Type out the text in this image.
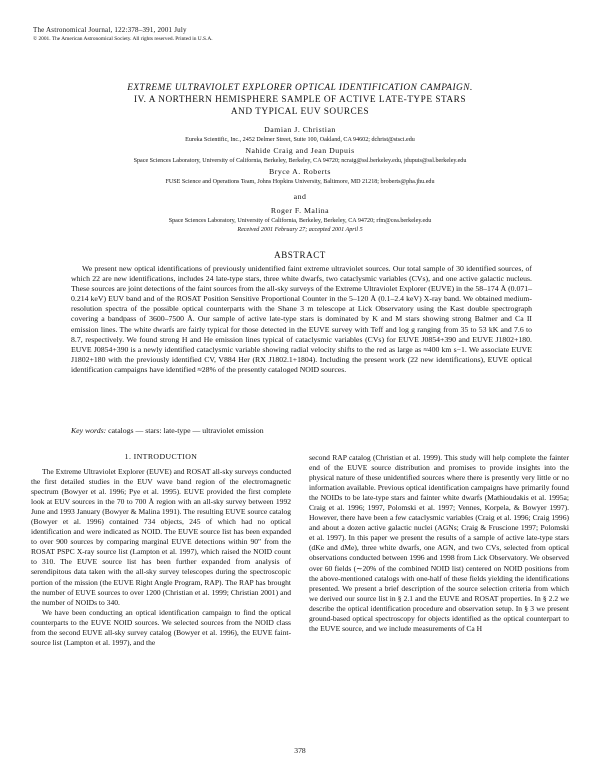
The Astronomical Journal, 122:378–391, 2001 July
© 2001. The American Astronomical Society. All rights reserved. Printed in U.S.A.
EXTREME ULTRAVIOLET EXPLORER OPTICAL IDENTIFICATION CAMPAIGN.
IV. A NORTHERN HEMISPHERE SAMPLE OF ACTIVE LATE-TYPE STARS
AND TYPICAL EUV SOURCES
Damian J. Christian
Eureka Scientific, Inc., 2452 Delmer Street, Suite 100, Oakland, CA 94602; dchrist@stsci.edu
Nahide Craig and Jean Dupuis
Space Sciences Laboratory, University of California, Berkeley, Berkeley, CA 94720; ncraig@ssl.berkeley.edu, jdupuis@ssl.berkeley.edu
Bryce A. Roberts
FUSE Science and Operations Team, Johns Hopkins University, Baltimore, MD 21218; broberts@pha.jhu.edu
and
Roger F. Malina
Space Sciences Laboratory, University of California, Berkeley, Berkeley, CA 94720; rfm@cea.berkeley.edu
Received 2001 February 27; accepted 2001 April 5
ABSTRACT
We present new optical identifications of previously unidentified faint extreme ultraviolet sources. Our total sample of 30 identified sources, of which 22 are new identifications, includes 24 late-type stars, three white dwarfs, two cataclysmic variables (CVs), and one active galactic nucleus. These sources are joint detections of the faint sources from the all-sky surveys of the Extreme Ultraviolet Explorer (EUVE) in the 58–174 Å (0.071–0.214 keV) EUV band and of the ROSAT Position Sensitive Proportional Counter in the 5–120 Å (0.1–2.4 keV) X-ray band. We obtained medium-resolution spectra of the possible optical counterparts with the Shane 3 m telescope at Lick Observatory using the Kast double spectrograph covering a bandpass of 3600–7500 Å. Our sample of active late-type stars is dominated by K and M stars showing strong Balmer and Ca II emission lines. The white dwarfs are fairly typical for those detected in the EUVE survey with Teff and log g ranging from 35 to 53 kK and 7.6 to 8.7, respectively. We found strong H and He emission lines typical of cataclysmic variables (CVs) for EUVE J0854+390 and EUVE J1802+180. EUVE J0854+390 is a newly identified cataclysmic variable showing radial velocity shifts to the red as large as ≈400 km s−1. We associate EUVE J1802+180 with the previously identified CV, V884 Her (RX J1802.1+1804). Including the present work (22 new identifications), EUVE optical identification campaigns have identified ≈28% of the presently cataloged NOID sources.
Key words: catalogs — stars: late-type — ultraviolet emission
1. INTRODUCTION

The Extreme Ultraviolet Explorer (EUVE) and ROSAT all-sky surveys conducted the first detailed studies in the EUV wave band region of the electromagnetic spectrum (Bowyer et al. 1996; Pye et al. 1995). EUVE provided the first complete look at EUV sources in the 70 to 700 Å region with an all-sky survey between 1992 June and 1993 January (Bowyer & Malina 1991). The resulting EUVE source catalog (Bowyer et al. 1996) contained 734 objects, 245 of which had no optical identification and were indicated as NOID. The EUVE source list has been expanded to over 900 sources by comparing marginal EUVE detections within 90″ from the ROSAT PSPC X-ray source list (Lampton et al. 1997), which raised the NOID count to 310. The EUVE source list has been further expanded from analysis of serendipitous data taken with the all-sky survey telescopes during the spectroscopic portion of the mission (the EUVE Right Angle Program, RAP). The RAP has brought the number of EUVE sources to over 1200 (Christian et al. 1999; Christian 2001) and the number of NOIDs to 340.

We have been conducting an optical identification campaign to find the optical counterparts to the EUVE NOID sources. We selected sources from the NOID class from the second EUVE all-sky survey catalog (Bowyer et al. 1996), the EUVE faint-source list (Lampton et al. 1997), and the

second RAP catalog (Christian et al. 1999). This study will help complete the fainter end of the EUVE source distribution and promises to provide insights into the physical nature of these unidentified sources where there is presently very little or no information available. Previous optical identification campaigns have primarily found the NOIDs to be late-type stars and fainter white dwarfs (Mathioudakis et al. 1995a; Craig et al. 1996; 1997, Polomski et al. 1997; Vennes, Korpela, & Bowyer 1997). However, there have been a few cataclysmic variables (Craig et al. 1996; Craig 1996) and about a dozen active galactic nuclei (AGNs; Craig & Fruscione 1997; Polomski et al. 1997). In this paper we present the results of a sample of active late-type stars (dKe and dMe), three white dwarfs, one AGN, and two CVs, selected from optical observations conducted between 1996 and 1998 from Lick Observatory. We observed over 60 fields (∼20% of the combined NOID list) centered on NOID positions from the above-mentioned catalogs with one-half of these fields yielding the identifications presented. We present a brief description of the source selection criteria from which we derived our source list in § 2.1 and the EUVE and ROSAT properties. In § 2.2 we describe the optical identification procedure and observation setup. In § 3 we present ground-based optical spectroscopy for objects identified as the optical counterpart to the EUVE source, and we include measurements of Ca H

378
